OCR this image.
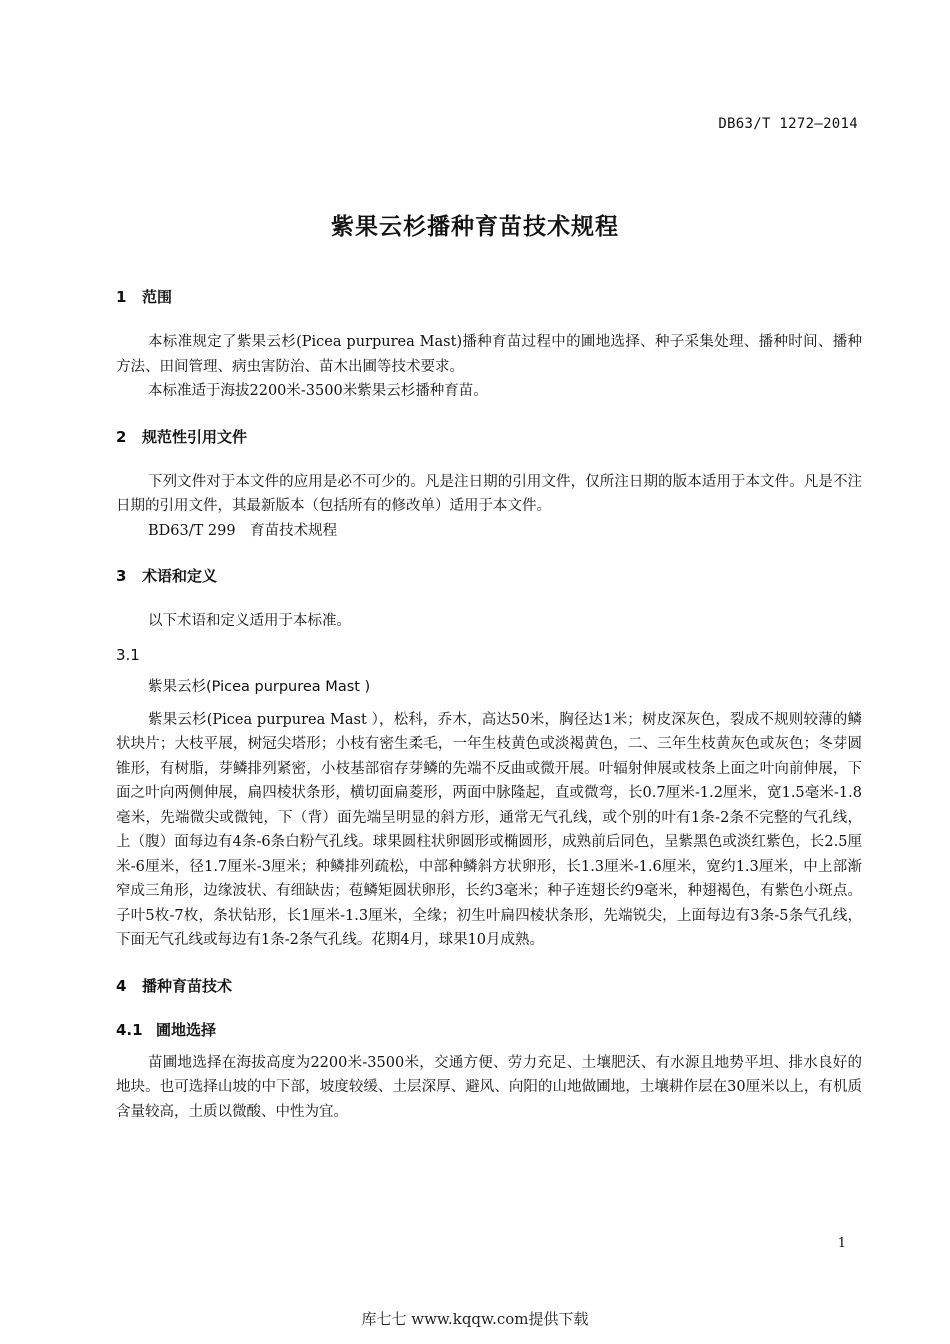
DB63/T 1272—2014
紫果云杉播种育苗技术规程
1 范围

本标准规定了紫果云杉(Picea purpurea Mast)播种育苗过程中的圃地选择、种子采集处理、播种时间、播种方法、田间管理、病虫害防治、苗木出圃等技术要求。

本标准适于海拔2200米-3500米紫果云杉播种育苗。

2 规范性引用文件

下列文件对于本文件的应用是必不可少的。凡是注日期的引用文件，仅所注日期的版本适用于本文件。凡是不注日期的引用文件，其最新版本（包括所有的修改单）适用于本文件。

BD63/T 299　育苗技术规程

3 术语和定义

以下术语和定义适用于本标准。

3.1

紫果云杉(Picea purpurea Mast )

紫果云杉(Picea purpurea Mast ），松科，乔木，高达50米，胸径达1米；树皮深灰色，裂成不规则较薄的鳞状块片；大枝平展，树冠尖塔形；小枝有密生柔毛，一年生枝黄色或淡褐黄色，二、三年生枝黄灰色或灰色；冬芽圆锥形，有树脂，芽鳞排列紧密，小枝基部宿存芽鳞的先端不反曲或微开展。叶辐射伸展或枝条上面之叶向前伸展，下面之叶向两侧伸展，扁四棱状条形，横切面扁菱形，两面中脉隆起，直或微弯，长0.7厘米-1.2厘米，宽1.5毫米-1.8毫米，先端微尖或微钝，下（背）面先端呈明显的斜方形，通常无气孔线，或个别的叶有1条-2条不完整的气孔线，上（腹）面每边有4条-6条白粉气孔线。球果圆柱状卵圆形或椭圆形，成熟前后同色，呈紫黑色或淡红紫色，长2.5厘米-6厘米，径1.7厘米-3厘米；种鳞排列疏松，中部种鳞斜方状卵形，长1.3厘米-1.6厘米，宽约1.3厘米，中上部渐窄成三角形，边缘波状、有细缺齿；苞鳞矩圆状卵形，长约3毫米；种子连翅长约9毫米，种翅褐色，有紫色小斑点。子叶5枚-7枚，条状钻形，长1厘米-1.3厘米，全缘；初生叶扁四棱状条形，先端锐尖，上面每边有3条-5条气孔线，下面无气孔线或每边有1条-2条气孔线。花期4月，球果10月成熟。

4 播种育苗技术
4.1 圃地选择

苗圃地选择在海拔高度为2200米-3500米，交通方便、劳力充足、土壤肥沃、有水源且地势平坦、排水良好的地块。也可选择山坡的中下部，坡度较缓、土层深厚、避风、向阳的山地做圃地，土壤耕作层在30厘米以上，有机质含量较高，土质以微酸、中性为宜。

1
库七七 www.kqqw.com提供下载
